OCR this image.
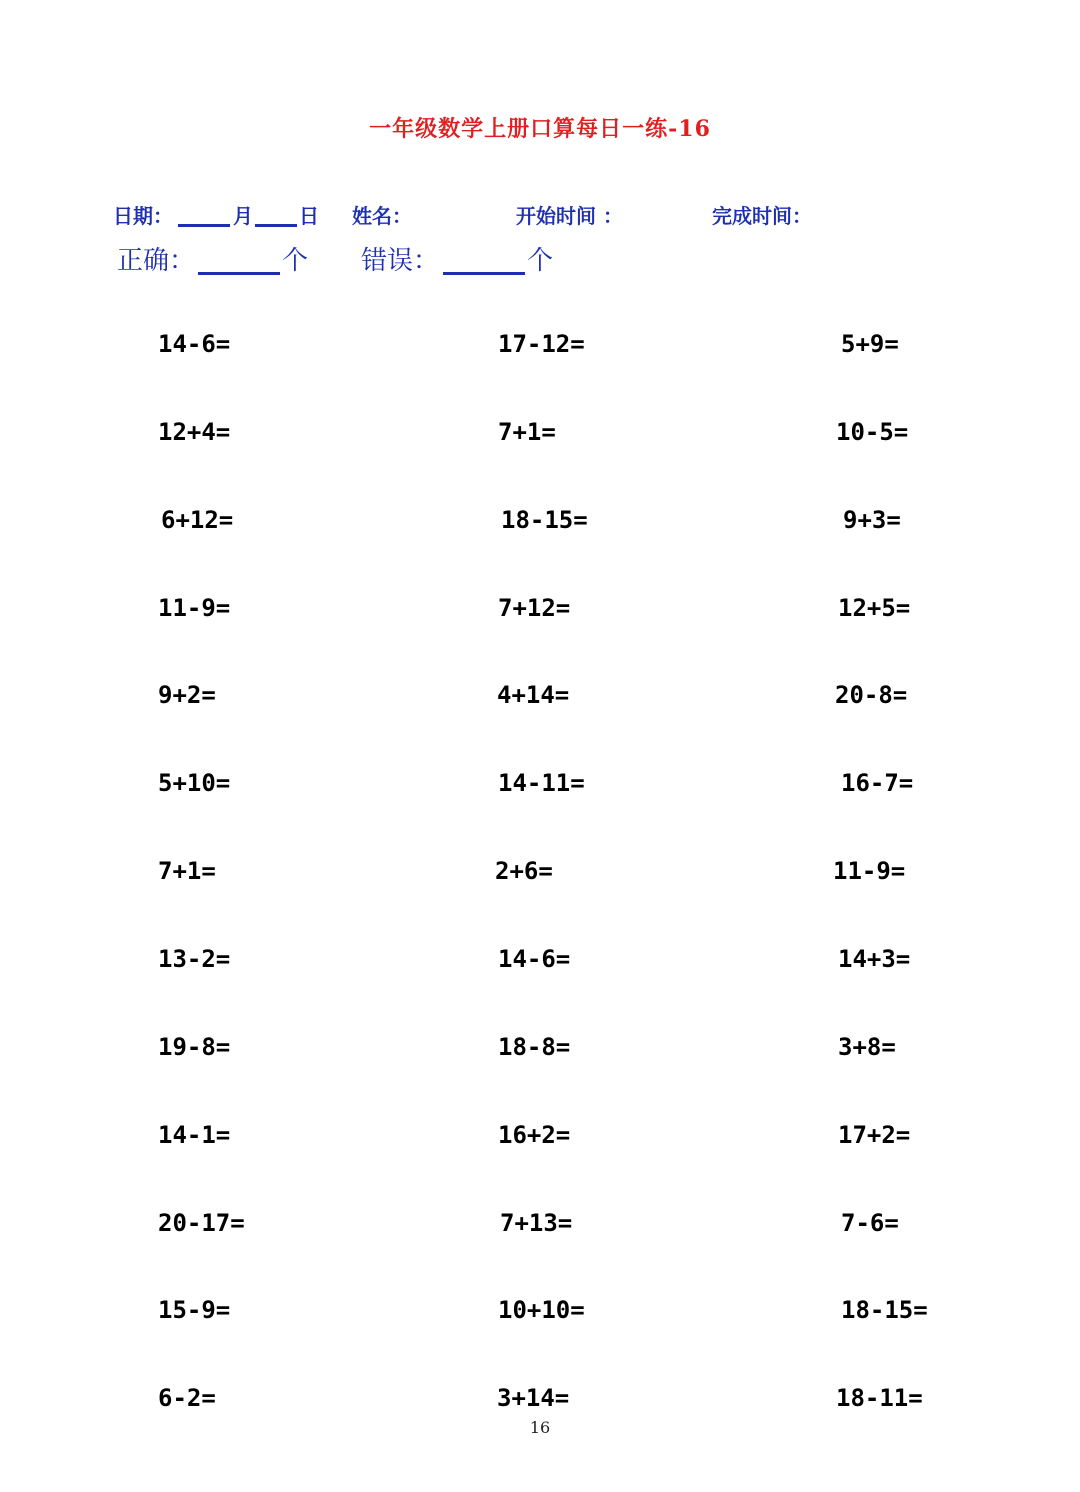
一年级数学上册口算每日一练-16
日期：	月 日 姓名：	开始时间 ：	完成时间：
正确：	个 错误：	个
14-6=	17-12=	5+9=
12+4=	7+1=	10-5=
6+12=	18-15=	9+3=
11-9=	7+12=	12+5=
9+2=	4+14=	20-8=
5+10=	14-11=	16-7=
7+1=	2+6=	11-9=
13-2=	14-6=	14+3=
19-8=	18-8=	3+8=
14-1=	16+2=	17+2=
20-17=	7+13=	7-6=
15-9=	10+10=	18-15=
6-2=	3+14=	18-11=
16
